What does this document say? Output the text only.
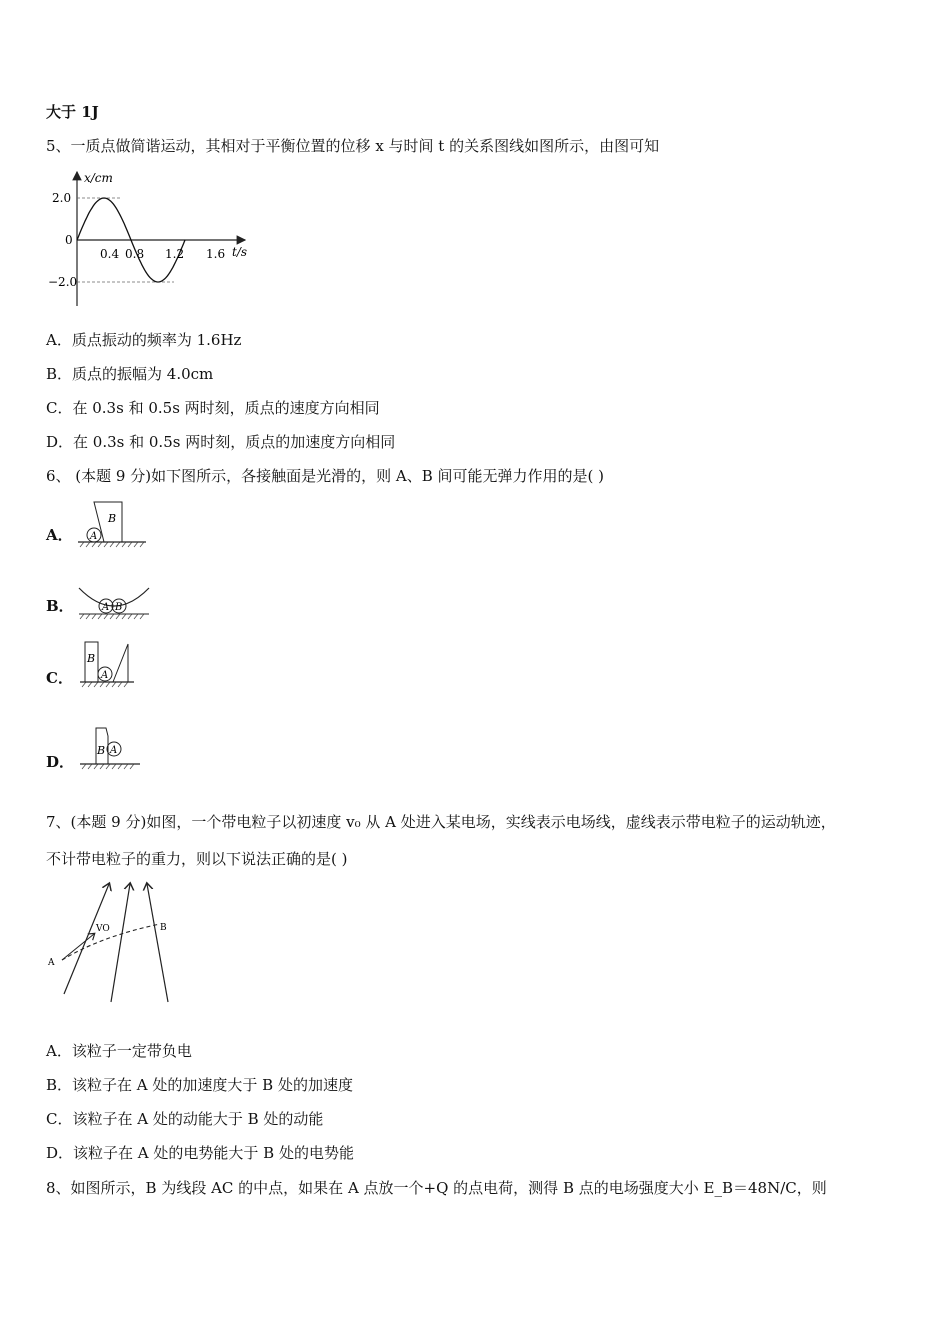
大于 1J
5、一质点做简谐运动，其相对于平衡位置的位移 x 与时间 t 的关系图线如图所示，由图可知
x/cm
t/s
0
2.0
−2.0
0.4 0.8 1.2 1.6
A．质点振动的频率为 1.6Hz
B．质点的振幅为 4.0cm
C．在 0.3s 和 0.5s 两时刻，质点的速度方向相同
D．在 0.3s 和 0.5s 两时刻，质点的加速度方向相同
6、 (本题 9 分)如下图所示，各接触面是光滑的，则 A、B 间可能无弹力作用的是( )
A． A
B
B．	A B
C．	A
B
D．
A
B
7、(本题 9 分)如图，一个带电粒子以初速度 v₀ 从 A 处进入某电场，实线表示电场线，虚线表示带电粒子的运动轨迹，
不计带电粒子的重力，则以下说法正确的是( )
A
B
VO
A．该粒子一定带负电
B．该粒子在 A 处的加速度大于 B 处的加速度
C．该粒子在 A 处的动能大于 B 处的动能
D．该粒子在 A 处的电势能大于 B 处的电势能
8、如图所示，B 为线段 AC 的中点，如果在 A 点放一个+Q 的点电荷，测得 B 点的电场强度大小 E_B＝48N/C，则
